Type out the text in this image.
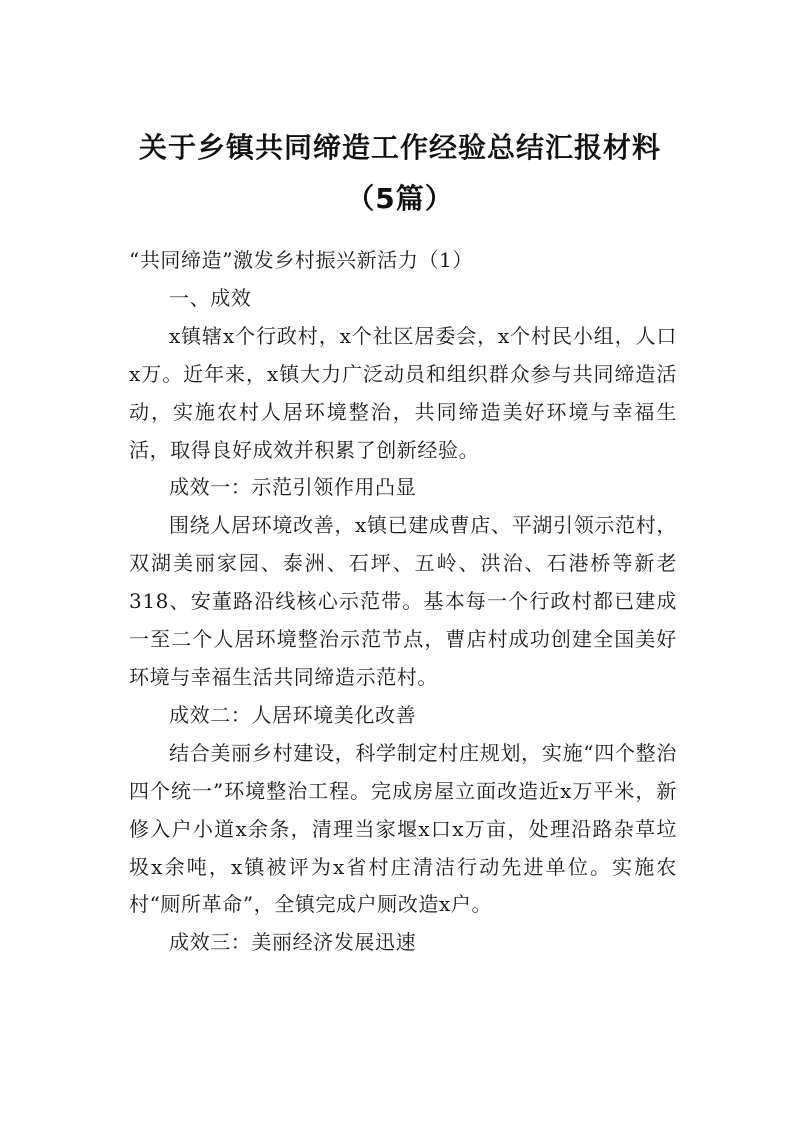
关于乡镇共同缔造工作经验总结汇报材料
（5篇）

“共同缔造”激发乡村振兴新活力（1）

一、成效

x镇辖x个行政村，x个社区居委会，x个村民小组，人口x万。近年来，x镇大力广泛动员和组织群众参与共同缔造活动，实施农村人居环境整治，共同缔造美好环境与幸福生活，取得良好成效并积累了创新经验。

成效一：示范引领作用凸显

围绕人居环境改善，x镇已建成曹店、平湖引领示范村，双湖美丽家园、泰洲、石坪、五岭、洪治、石港桥等新老318、安董路沿线核心示范带。基本每一个行政村都已建成一至二个人居环境整治示范节点，曹店村成功创建全国美好环境与幸福生活共同缔造示范村。

成效二：人居环境美化改善

结合美丽乡村建设，科学制定村庄规划，实施“四个整治四个统一”环境整治工程。完成房屋立面改造近x万平米，新修入户小道x余条，清理当家堰x口x万亩，处理沿路杂草垃圾x余吨，x镇被评为x省村庄清洁行动先进单位。实施农村“厕所革命”，全镇完成户厕改造x户。

成效三：美丽经济发展迅速
